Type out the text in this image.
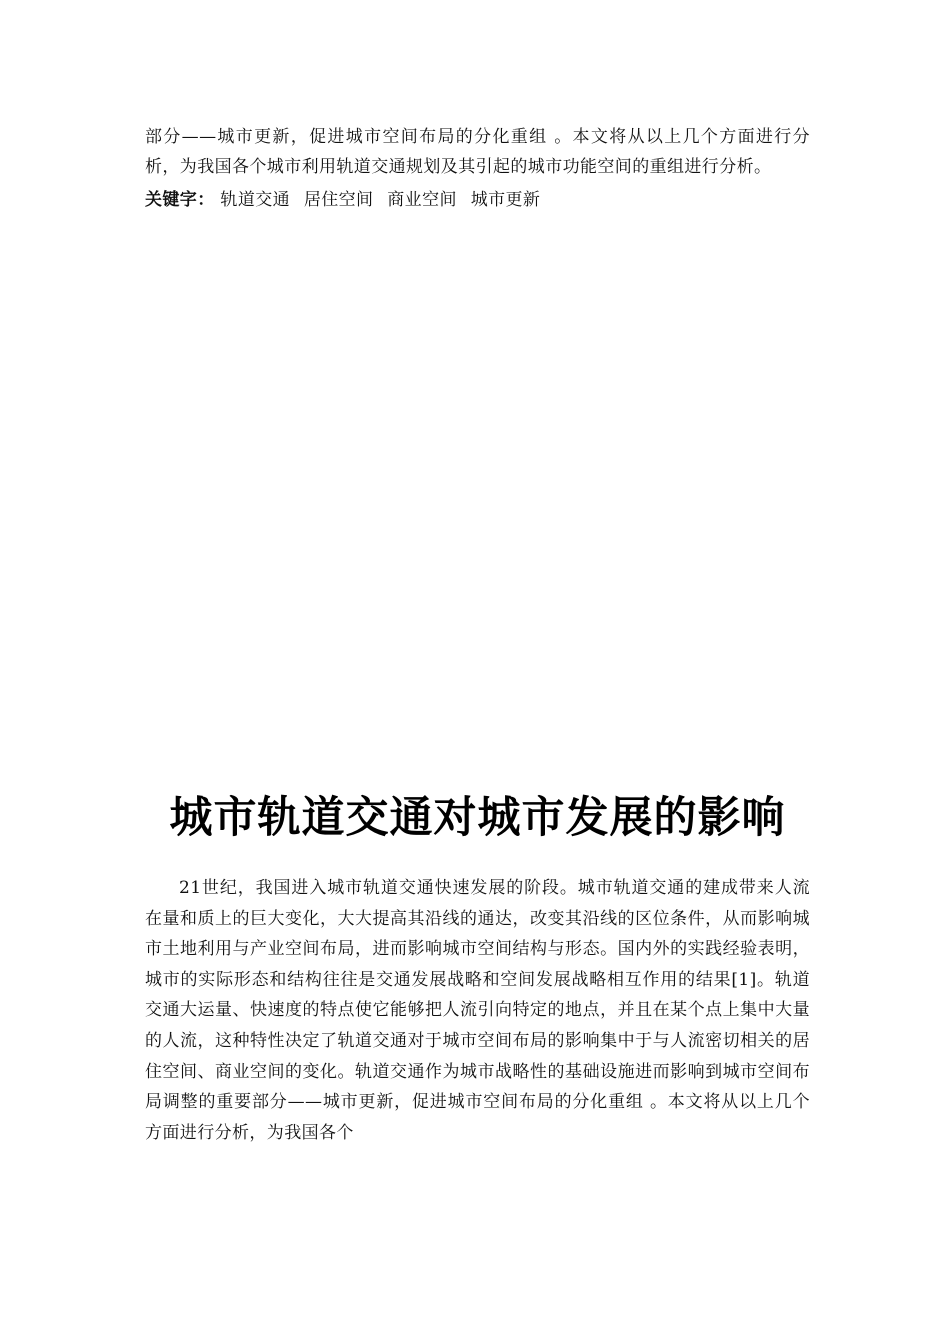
部分——城市更新，促进城市空间布局的分化重组 。本文将从以上几个方面进行分析，为我国各个城市利用轨道交通规划及其引起的城市功能空间的重组进行分析。

关键字： 轨道交通 居住空间 商业空间 城市更新

城市轨道交通对城市发展的影响

21世纪，我国进入城市轨道交通快速发展的阶段。城市轨道交通的建成带来人流在量和质上的巨大变化，大大提高其沿线的通达，改变其沿线的区位条件，从而影响城市土地利用与产业空间布局，进而影响城市空间结构与形态。国内外的实践经验表明，城市的实际形态和结构往往是交通发展战略和空间发展战略相互作用的结果[1]。轨道交通大运量、快速度的特点使它能够把人流引向特定的地点，并且在某个点上集中大量的人流，这种特性决定了轨道交通对于城市空间布局的影响集中于与人流密切相关的居住空间、商业空间的变化。轨道交通作为城市战略性的基础设施进而影响到城市空间布局调整的重要部分——城市更新，促进城市空间布局的分化重组 。本文将从以上几个方面进行分析，为我国各个
